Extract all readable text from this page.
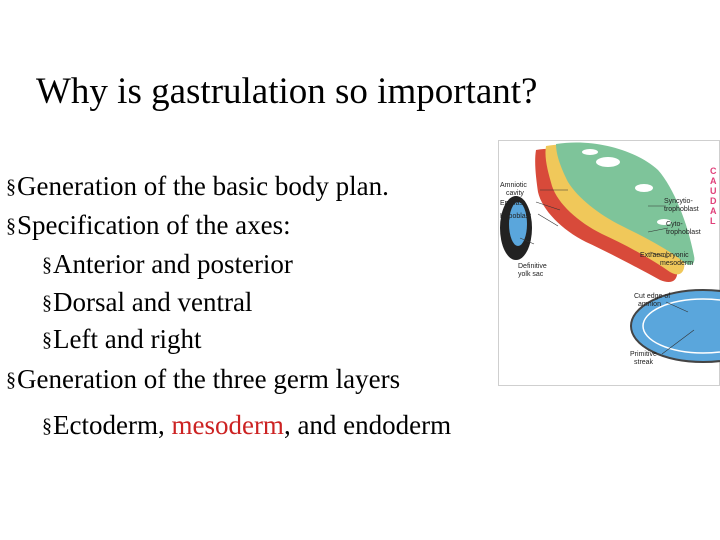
Why is gastrulation so important?
§Generation of the basic body plan.
§Specification of the axes:
§Anterior and posterior
§Dorsal and ventral
§Left and right
§Generation of the three germ layers
§Ectoderm, mesoderm, and endoderm
Amniotic
cavity
Epiblast
Hypoblast
Syncytio-
trophoblast
Cyto-
trophoblast
Extraembryonic
mesoderm
Definitive
yolk sac
Cut edge of
amnion
Primitive
streak
C
A
U
D
A
L
